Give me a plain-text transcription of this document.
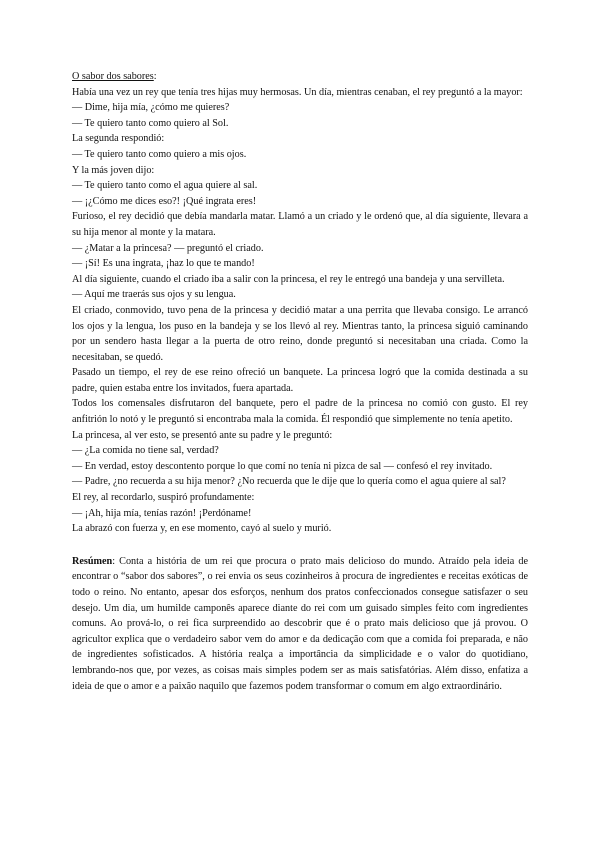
O sabor dos sabores:

Había una vez un rey que tenía tres hijas muy hermosas. Un día, mientras cenaban, el rey preguntó a la mayor:

— Dime, hija mía, ¿cómo me quieres?

— Te quiero tanto como quiero al Sol.

La segunda respondió:

— Te quiero tanto como quiero a mis ojos.

Y la más joven dijo:

— Te quiero tanto como el agua quiere al sal.

— ¡¿Cómo me dices eso?! ¡Qué ingrata eres!

Furioso, el rey decidió que debía mandarla matar. Llamó a un criado y le ordenó que, al día siguiente, llevara a su hija menor al monte y la matara.

— ¿Matar a la princesa? — preguntó el criado.

— ¡Sí! Es una ingrata, ¡haz lo que te mando!

Al día siguiente, cuando el criado iba a salir con la princesa, el rey le entregó una bandeja y una servilleta.

— Aquí me traerás sus ojos y su lengua.

El criado, conmovido, tuvo pena de la princesa y decidió matar a una perrita que llevaba consigo. Le arrancó los ojos y la lengua, los puso en la bandeja y se los llevó al rey. Mientras tanto, la princesa siguió caminando por un sendero hasta llegar a la puerta de otro reino, donde preguntó si necesitaban una criada. Como la necesitaban, se quedó.

Pasado un tiempo, el rey de ese reino ofreció un banquete. La princesa logró que la comida destinada a su padre, quien estaba entre los invitados, fuera apartada.

Todos los comensales disfrutaron del banquete, pero el padre de la princesa no comió con gusto. El rey anfitrión lo notó y le preguntó si encontraba mala la comida. Él respondió que simplemente no tenía apetito.

La princesa, al ver esto, se presentó ante su padre y le preguntó:

— ¿La comida no tiene sal, verdad?

— En verdad, estoy descontento porque lo que comí no tenía ni pizca de sal — confesó el rey invitado.

— Padre, ¿no recuerda a su hija menor? ¿No recuerda que le dije que lo quería como el agua quiere al sal?

El rey, al recordarlo, suspiró profundamente:

— ¡Ah, hija mía, tenías razón! ¡Perdóname!

La abrazó con fuerza y, en ese momento, cayó al suelo y murió.

Resúmen: Conta a história de um rei que procura o prato mais delicioso do mundo. Atraído pela ideia de encontrar o “sabor dos sabores”, o rei envia os seus cozinheiros à procura de ingredientes e receitas exóticas de todo o reino. No entanto, apesar dos esforços, nenhum dos pratos confeccionados consegue satisfazer o seu desejo. Um dia, um humilde camponês aparece diante do rei com um guisado simples feito com ingredientes comuns. Ao prová-lo, o rei fica surpreendido ao descobrir que é o prato mais delicioso que já provou. O agricultor explica que o verdadeiro sabor vem do amor e da dedicação com que a comida foi preparada, e não de ingredientes sofisticados. A história realça a importância da simplicidade e o valor do quotidiano, lembrando-nos que, por vezes, as coisas mais simples podem ser as mais satisfatórias. Além disso, enfatiza a ideia de que o amor e a paixão naquilo que fazemos podem transformar o comum em algo extraordinário.
